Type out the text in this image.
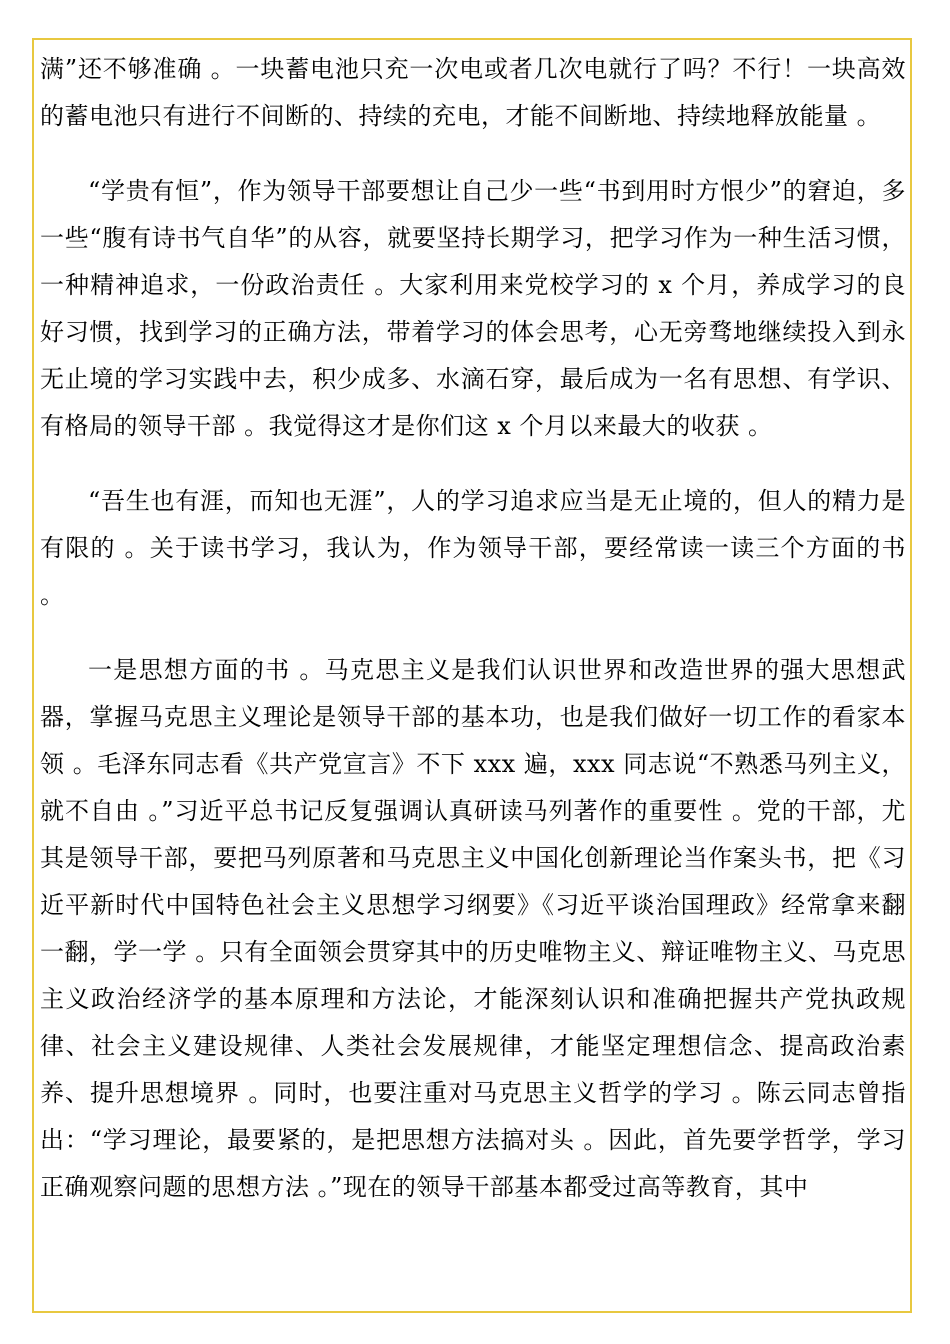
满”还不够准确 。一块蓄电池只充一次电或者几次电就行了吗？不行！一块高效的蓄电池只有进行不间断的、持续的充电，才能不间断地、持续地释放能量 。

“学贵有恒”，作为领导干部要想让自己少一些“书到用时方恨少”的窘迫，多一些“腹有诗书气自华”的从容，就要坚持长期学习，把学习作为一种生活习惯，一种精神追求，一份政治责任 。大家利用来党校学习的 x 个月，养成学习的良好习惯，找到学习的正确方法，带着学习的体会思考，心无旁骛地继续投入到永无止境的学习实践中去，积少成多、水滴石穿，最后成为一名有思想、有学识、有格局的领导干部 。我觉得这才是你们这 x 个月以来最大的收获 。

“吾生也有涯，而知也无涯”，人的学习追求应当是无止境的，但人的精力是有限的 。关于读书学习，我认为，作为领导干部，要经常读一读三个方面的书 。

一是思想方面的书 。马克思主义是我们认识世界和改造世界的强大思想武器，掌握马克思主义理论是领导干部的基本功，也是我们做好一切工作的看家本领 。毛泽东同志看《共产党宣言》不下 xxx 遍，xxx 同志说“不熟悉马列主义，就不自由 。”习近平总书记反复强调认真研读马列著作的重要性 。党的干部，尤其是领导干部，要把马列原著和马克思主义中国化创新理论当作案头书，把《习近平新时代中国特色社会主义思想学习纲要》《习近平谈治国理政》经常拿来翻一翻，学一学 。只有全面领会贯穿其中的历史唯物主义、辩证唯物主义、马克思主义政治经济学的基本原理和方法论，才能深刻认识和准确把握共产党执政规律、社会主义建设规律、人类社会发展规律，才能坚定理想信念、提高政治素养、提升思想境界 。同时，也要注重对马克思主义哲学的学习 。陈云同志曾指出：“学习理论，最要紧的，是把思想方法搞对头 。因此，首先要学哲学，学习正确观察问题的思想方法 。”现在的领导干部基本都受过高等教育，其中
